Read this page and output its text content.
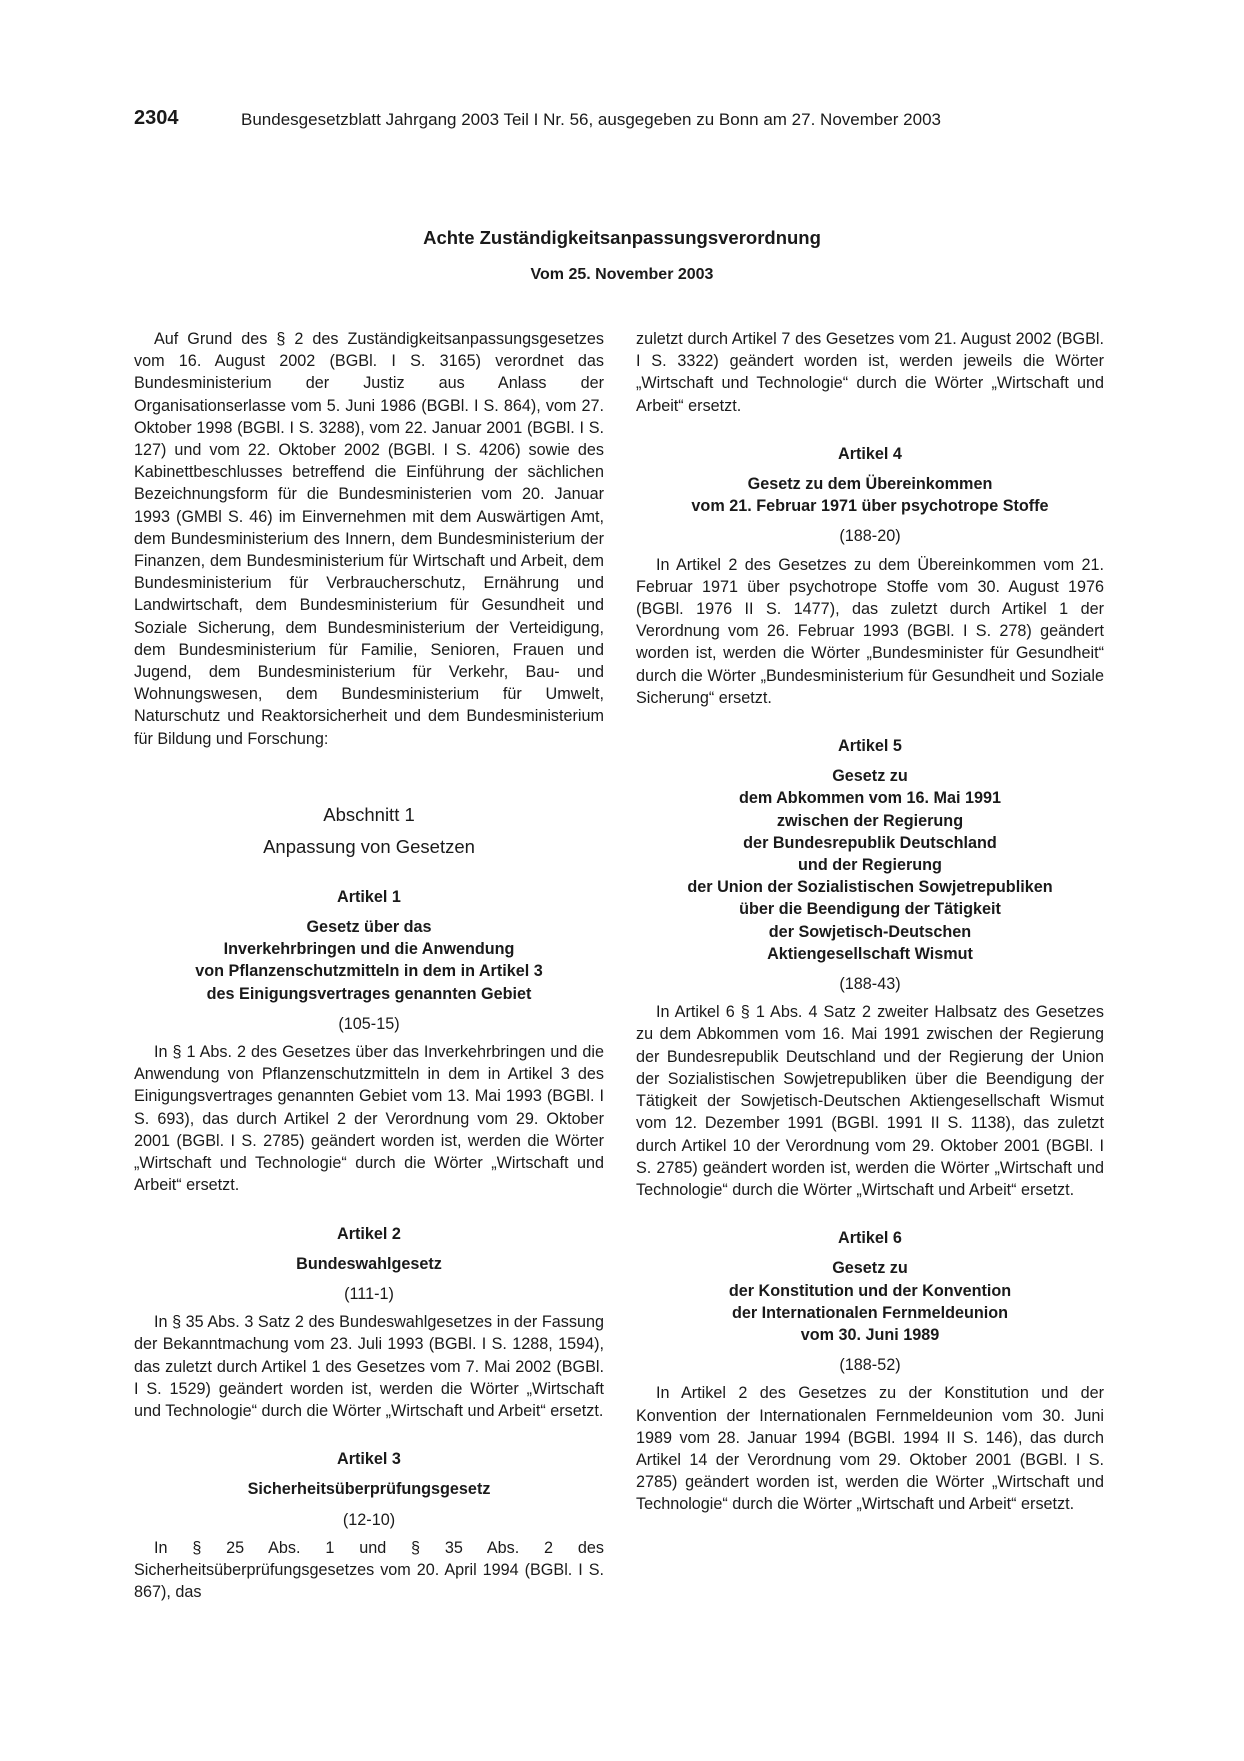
2304	Bundesgesetzblatt Jahrgang 2003 Teil I Nr. 56, ausgegeben zu Bonn am 27. November 2003
Achte Zuständigkeitsanpassungsverordnung
Vom 25. November 2003

Auf Grund des § 2 des Zuständigkeitsanpassungsgesetzes vom 16. August 2002 (BGBl. I S. 3165) verordnet das Bundesministerium der Justiz aus Anlass der Organisationserlasse vom 5. Juni 1986 (BGBl. I S. 864), vom 27. Oktober 1998 (BGBl. I S. 3288), vom 22. Januar 2001 (BGBl. I S. 127) und vom 22. Oktober 2002 (BGBl. I S. 4206) sowie des Kabinettbeschlusses betreffend die Einführung der sächlichen Bezeichnungsform für die Bundesministerien vom 20. Januar 1993 (GMBl S. 46) im Einvernehmen mit dem Auswärtigen Amt, dem Bundesministerium des Innern, dem Bundesministerium der Finanzen, dem Bundesministerium für Wirtschaft und Arbeit, dem Bundesministerium für Verbraucherschutz, Ernährung und Landwirtschaft, dem Bundesministerium für Gesundheit und Soziale Sicherung, dem Bundesministerium der Verteidigung, dem Bundesministerium für Familie, Senioren, Frauen und Jugend, dem Bundesministerium für Verkehr, Bau- und Wohnungswesen, dem Bundesministerium für Umwelt, Naturschutz und Reaktorsicherheit und dem Bundesministerium für Bildung und Forschung:

Abschnitt 1

Anpassung von Gesetzen

Artikel 1

Gesetz über das

Inverkehrbringen und die Anwendung

von Pflanzenschutzmitteln in dem in Artikel 3

des Einigungsvertrages genannten Gebiet

(105-15)

In § 1 Abs. 2 des Gesetzes über das Inverkehrbringen und die Anwendung von Pflanzenschutzmitteln in dem in Artikel 3 des Einigungsvertrages genannten Gebiet vom 13. Mai 1993 (BGBl. I S. 693), das durch Artikel 2 der Verordnung vom 29. Oktober 2001 (BGBl. I S. 2785) geändert worden ist, werden die Wörter „Wirtschaft und Technologie“ durch die Wörter „Wirtschaft und Arbeit“ ersetzt.

Artikel 2

Bundeswahlgesetz

(111-1)

In § 35 Abs. 3 Satz 2 des Bundeswahlgesetzes in der Fassung der Bekanntmachung vom 23. Juli 1993 (BGBl. I S. 1288, 1594), das zuletzt durch Artikel 1 des Gesetzes vom 7. Mai 2002 (BGBl. I S. 1529) geändert worden ist, werden die Wörter „Wirtschaft und Technologie“ durch die Wörter „Wirtschaft und Arbeit“ ersetzt.

Artikel 3

Sicherheitsüberprüfungsgesetz

(12-10)

In § 25 Abs. 1 und § 35 Abs. 2 des Sicherheitsüberprüfungsgesetzes vom 20. April 1994 (BGBl. I S. 867), das

zuletzt durch Artikel 7 des Gesetzes vom 21. August 2002 (BGBl. I S. 3322) geändert worden ist, werden jeweils die Wörter „Wirtschaft und Technologie“ durch die Wörter „Wirtschaft und Arbeit“ ersetzt.

Artikel 4

Gesetz zu dem Übereinkommen

vom 21. Februar 1971 über psychotrope Stoffe

(188-20)

In Artikel 2 des Gesetzes zu dem Übereinkommen vom 21. Februar 1971 über psychotrope Stoffe vom 30. August 1976 (BGBl. 1976 II S. 1477), das zuletzt durch Artikel 1 der Verordnung vom 26. Februar 1993 (BGBl. I S. 278) geändert worden ist, werden die Wörter „Bundesminister für Gesundheit“ durch die Wörter „Bundesministerium für Gesundheit und Soziale Sicherung“ ersetzt.

Artikel 5

Gesetz zu

dem Abkommen vom 16. Mai 1991

zwischen der Regierung

der Bundesrepublik Deutschland

und der Regierung

der Union der Sozialistischen Sowjetrepubliken

über die Beendigung der Tätigkeit

der Sowjetisch-Deutschen

Aktiengesellschaft Wismut

(188-43)

In Artikel 6 § 1 Abs. 4 Satz 2 zweiter Halbsatz des Gesetzes zu dem Abkommen vom 16. Mai 1991 zwischen der Regierung der Bundesrepublik Deutschland und der Regierung der Union der Sozialistischen Sowjetrepubliken über die Beendigung der Tätigkeit der Sowjetisch-Deutschen Aktiengesellschaft Wismut vom 12. Dezember 1991 (BGBl. 1991 II S. 1138), das zuletzt durch Artikel 10 der Verordnung vom 29. Oktober 2001 (BGBl. I S. 2785) geändert worden ist, werden die Wörter „Wirtschaft und Technologie“ durch die Wörter „Wirtschaft und Arbeit“ ersetzt.

Artikel 6

Gesetz zu

der Konstitution und der Konvention

der Internationalen Fernmeldeunion

vom 30. Juni 1989

(188-52)

In Artikel 2 des Gesetzes zu der Konstitution und der Konvention der Internationalen Fernmeldeunion vom 30. Juni 1989 vom 28. Januar 1994 (BGBl. 1994 II S. 146), das durch Artikel 14 der Verordnung vom 29. Oktober 2001 (BGBl. I S. 2785) geändert worden ist, werden die Wörter „Wirtschaft und Technologie“ durch die Wörter „Wirtschaft und Arbeit“ ersetzt.
